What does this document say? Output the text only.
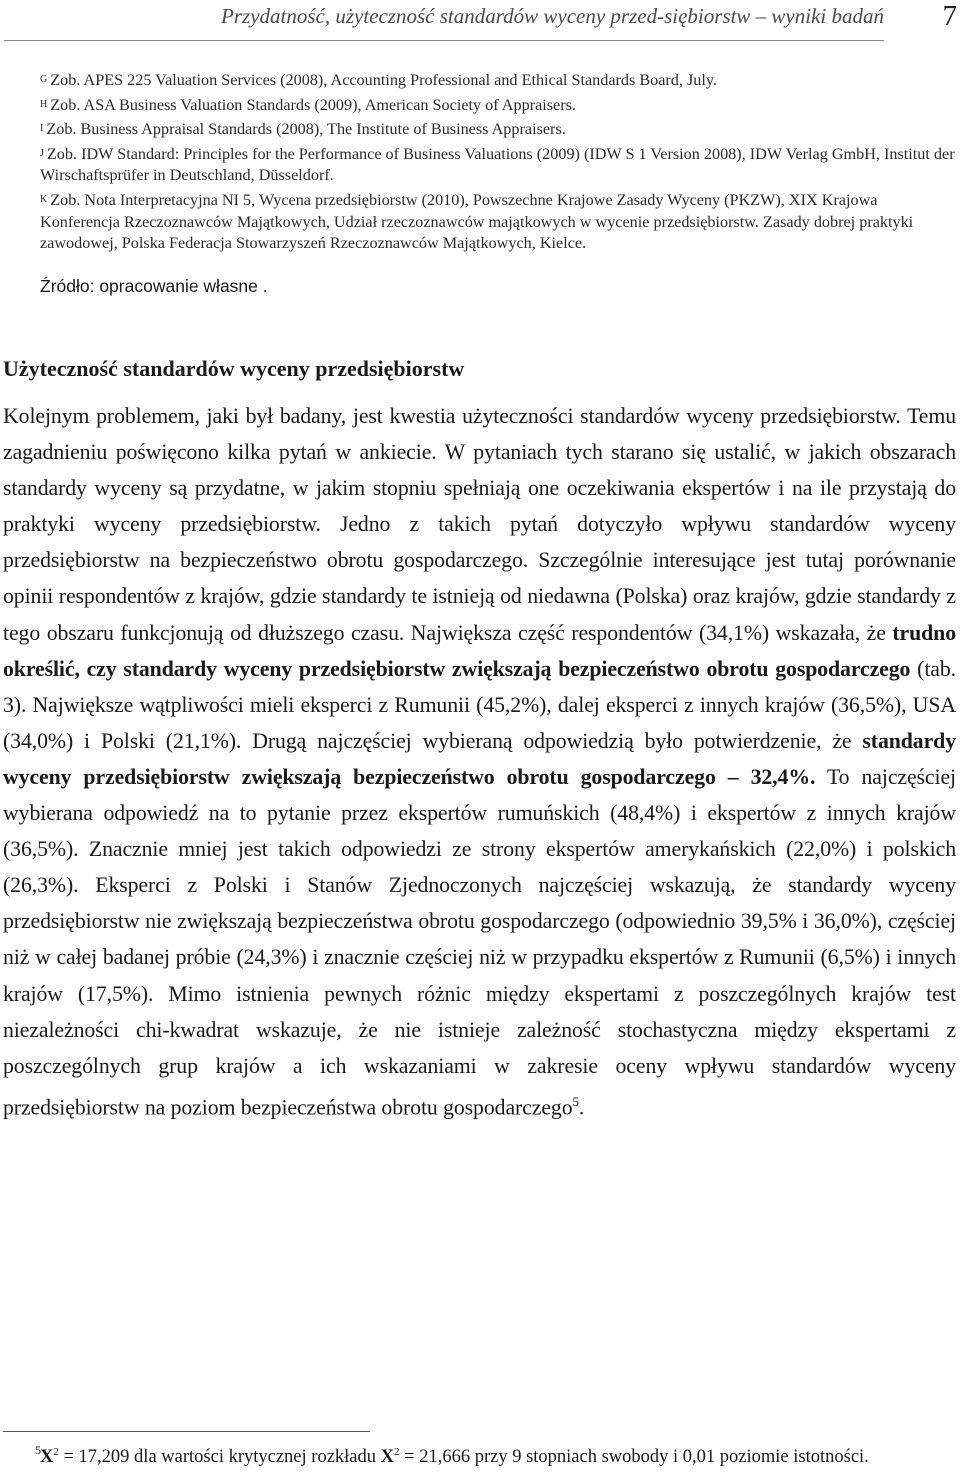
Przydatność, użyteczność standardów wyceny przed-siębiorstw – wyniki badań 7

$^G$ Zob. APES 225 Valuation Services (2008), Accounting Professional and Ethical Standards Board, July.

$^H$ Zob. ASA Business Valuation Standards (2009), American Society of Appraisers.

$^I$ Zob. Business Appraisal Standards (2008), The Institute of Business Appraisers.

$^J$ Zob. IDW Standard: Principles for the Performance of Business Valuations (2009) (IDW S 1 Version 2008), IDW Verlag GmbH, Institut der Wirschaftsprüfer in Deutschland, Düsseldorf.

$^K$ Zob. Nota Interpretacyjna NI 5, Wycena przedsiębiorstw (2010), Powszechne Krajowe Zasady Wyceny (PKZW), XIX Krajowa Konferencja Rzeczoznawców Majątkowych, Udział rzeczoznawców majątkowych w wycenie przedsiębiorstw. Zasady dobrej praktyki zawodowej, Polska Federacja Stowarzyszeń Rzeczoznawców Majątkowych, Kielce.

Źródło: opracowanie własne .
Użyteczność standardów wyceny przedsiębiorstw

Kolejnym problemem, jaki był badany, jest kwestia użyteczności standardów wyceny przedsiębiorstw. Temu zagadnieniu poświęcono kilka pytań w ankiecie. W pytaniach tych starano się ustalić, w jakich obszarach standardy wyceny są przydatne, w jakim stopniu spełniają one oczekiwania ekspertów i na ile przystają do praktyki wyceny przedsiębiorstw. Jedno z takich pytań dotyczyło wpływu standardów wyceny przedsiębiorstw na bezpieczeństwo obrotu gospodarczego. Szczególnie interesujące jest tutaj porównanie opinii respondentów z krajów, gdzie standardy te istnieją od niedawna (Polska) oraz krajów, gdzie standardy z tego obszaru funkcjonują od dłuższego czasu. Największa część respondentów (34,1%) wskazała, że trudno określić, czy standardy wyceny przedsiębiorstw zwiększają bezpieczeństwo obrotu gospodarczego (tab. 3). Największe wątpliwości mieli eksperci z Rumunii (45,2%), dalej eksperci z innych krajów (36,5%), USA (34,0%) i Polski (21,1%). Drugą najczęściej wybieraną odpowiedzią było potwierdzenie, że standardy wyceny przedsiębiorstw zwiększają bezpieczeństwo obrotu gospodarczego – 32,4%. To najczęściej wybierana odpowiedź na to pytanie przez ekspertów rumuńskich (48,4%) i ekspertów z innych krajów (36,5%). Znacznie mniej jest takich odpowiedzi ze strony ekspertów amerykańskich (22,0%) i polskich (26,3%). Eksperci z Polski i Stanów Zjednoczonych najczęściej wskazują, że standardy wyceny przedsiębiorstw nie zwiększają bezpieczeństwa obrotu gospodarczego (odpowiednio 39,5% i 36,0%), częściej niż w całej badanej próbie (24,3%) i znacznie częściej niż w przypadku ekspertów z Rumunii (6,5%) i innych krajów (17,5%). Mimo istnienia pewnych różnic między ekspertami z poszczególnych krajów test niezależności chi-kwadrat wskazuje, że nie istnieje zależność stochastyczna między ekspertami z poszczególnych grup krajów a ich wskazaniami w zakresie oceny wpływu standardów wyceny przedsiębiorstw na poziom bezpieczeństwa obrotu gospodarczego$^5$.

5 $X^2 = 17,209$ dla wartości krytycznej rozkładu $X^2 = 21,666$ przy 9 stopniach swobody i 0,01 poziomie istotności.
